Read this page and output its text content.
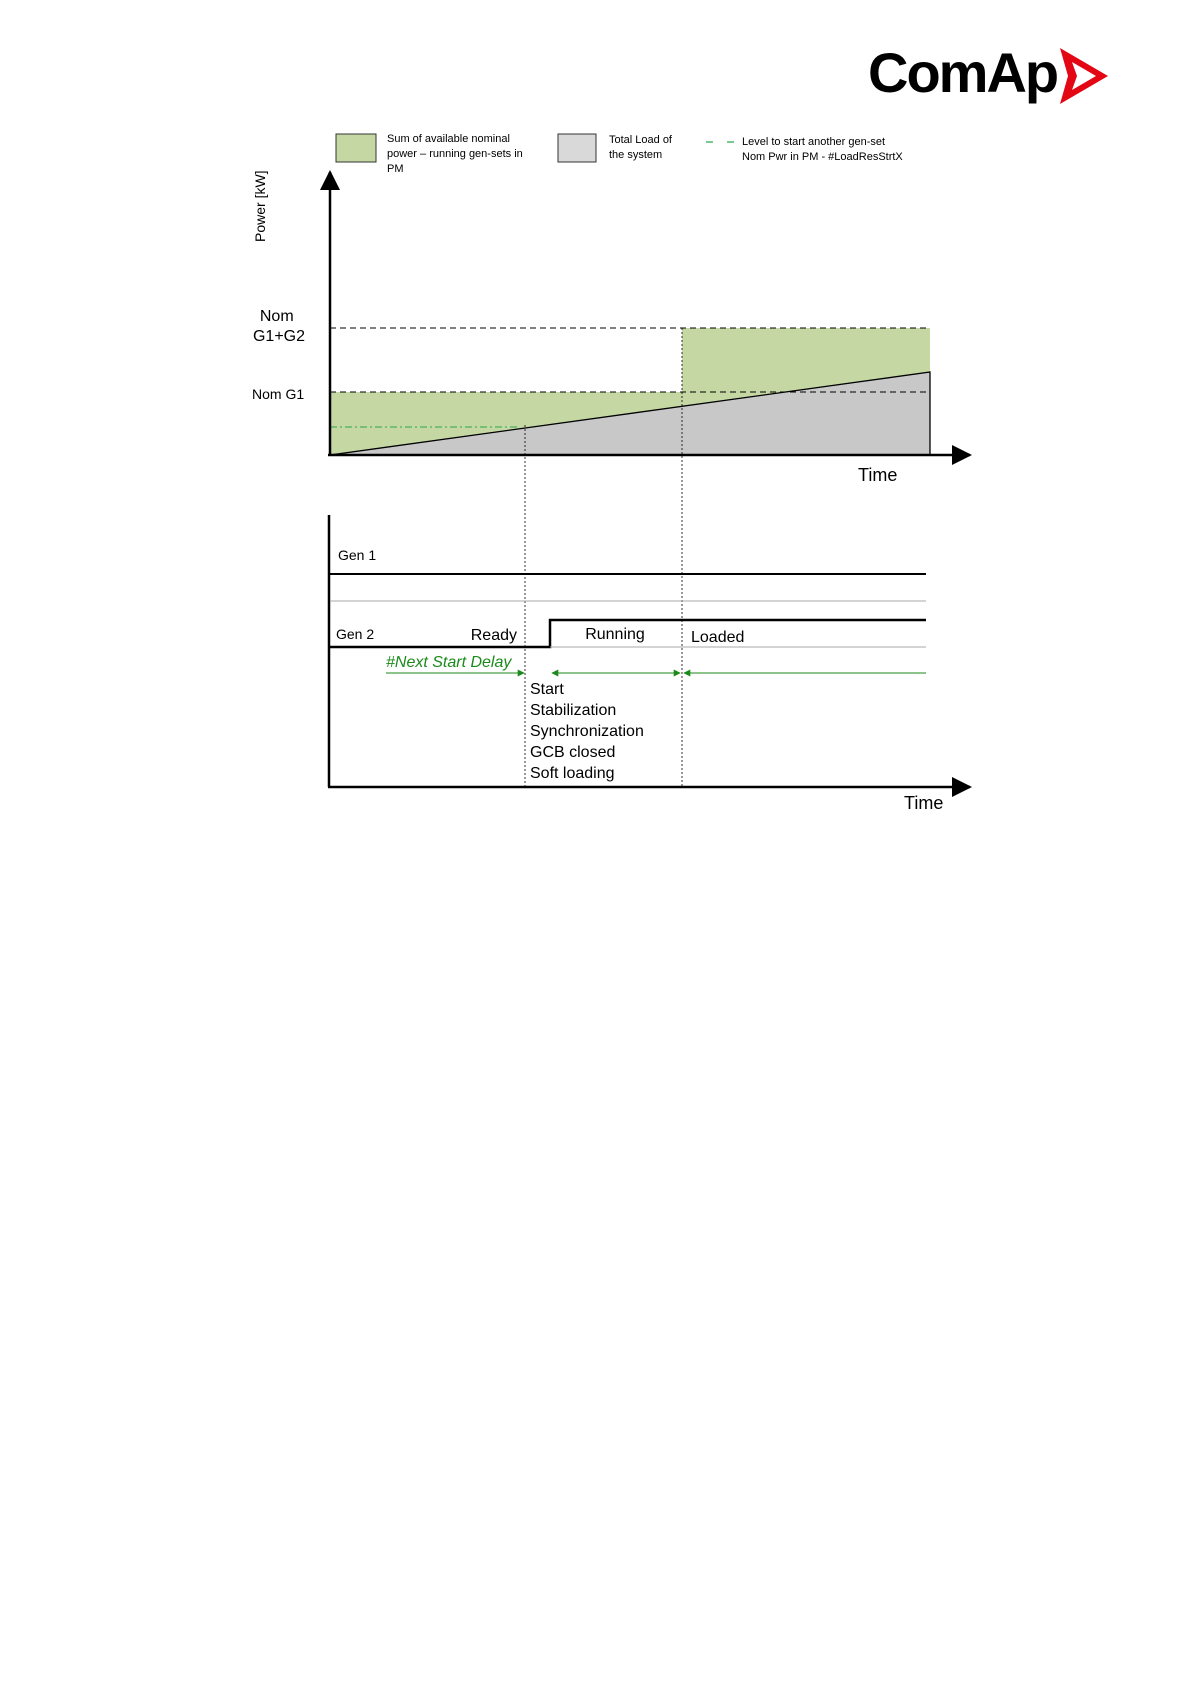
ComAp
Sum of available nominal power – running gen-sets in PM
Total Load of the system
Level to start another gen-set Nom Pwr in PM - #LoadResStrtX
Power [kW]
Nom G1+G2
Nom G1
Time
Time
Gen 1
Gen 2	Ready	Running	Loaded
#Next Start Delay
Start Stabilization Synchronization GCB closed Soft loading
